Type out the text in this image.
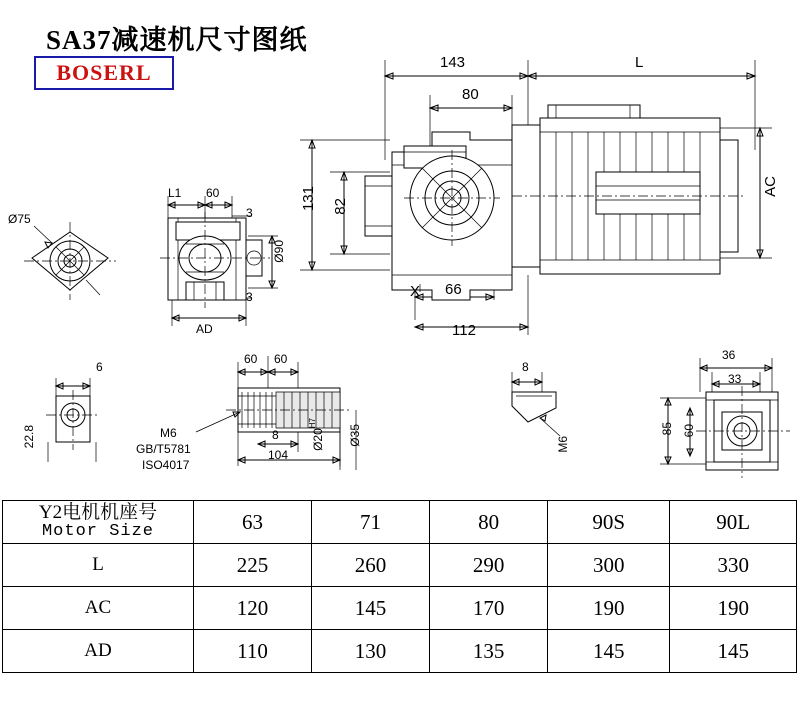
SA37减速机尺寸图纸
BOSERL	143	L
80
131 82
AC
X 66
112
L1 60
3
3
Ø90
AD
Ø75
6
22.8
60 60
8
104
$Ø20^{H7}$
Ø35
M6
GB/T5781
ISO4017
8
M6
36
33
85 60
Y2电机机座号
Motor Size	63	71	80	90S	90L
L	225	260	290	300	330
AC	120	145	170	190	190
AD	110	130	135	145	145
